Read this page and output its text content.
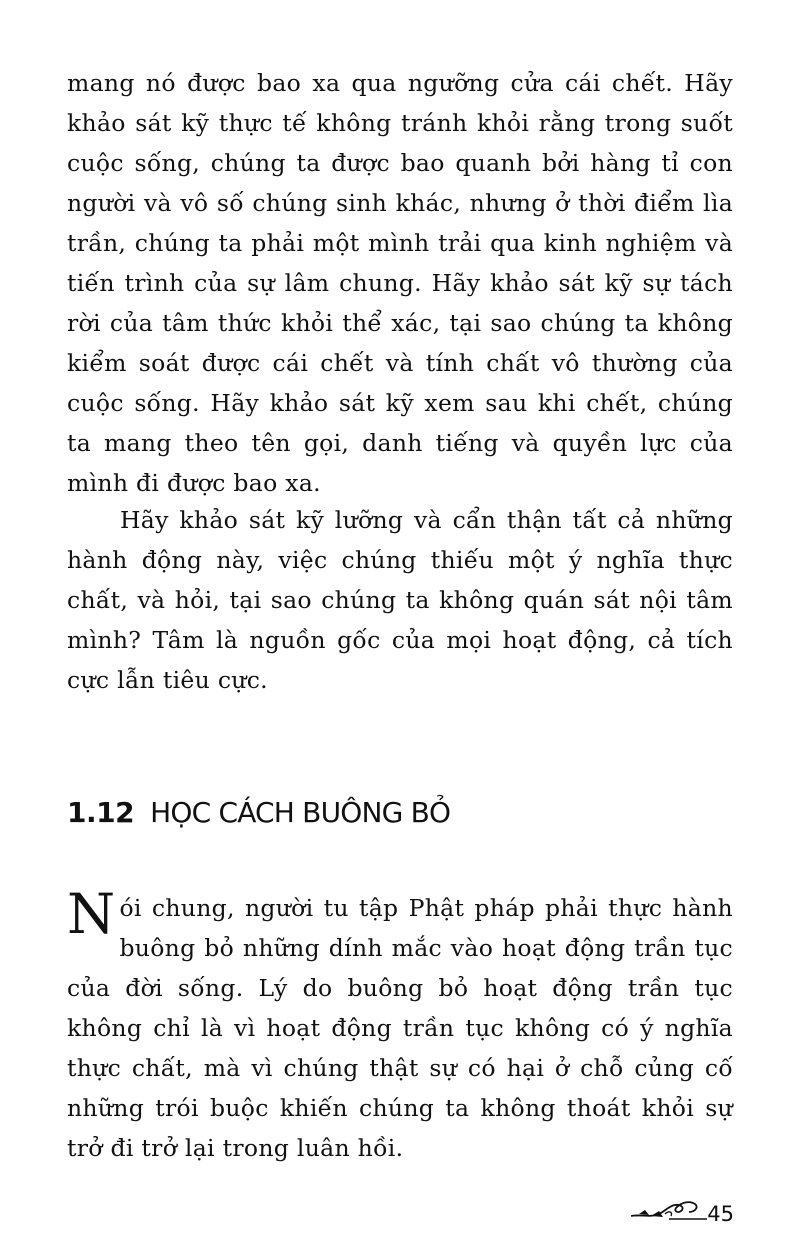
mang nó được bao xa qua ngưỡng cửa cái chết. Hãy khảo sát kỹ thực tế không tránh khỏi rằng trong suốt cuộc sống, chúng ta được bao quanh bởi hàng tỉ con người và vô số chúng sinh khác, nhưng ở thời điểm lìa trần, chúng ta phải một mình trải qua kinh nghiệm và tiến trình của sự lâm chung. Hãy khảo sát kỹ sự tách rời của tâm thức khỏi thể xác, tại sao chúng ta không kiểm soát được cái chết và tính chất vô thường của cuộc sống. Hãy khảo sát kỹ xem sau khi chết, chúng ta mang theo tên gọi, danh tiếng và quyền lực của mình đi được bao xa.

Hãy khảo sát kỹ lưỡng và cẩn thận tất cả những hành động này, việc chúng thiếu một ý nghĩa thực chất, và hỏi, tại sao chúng ta không quán sát nội tâm mình? Tâm là nguồn gốc của mọi hoạt động, cả tích cực lẫn tiêu cực.

1.12 HỌC CÁCH BUÔNG BỎ

Nói chung, người tu tập Phật pháp phải thực hành buông bỏ những dính mắc vào hoạt động trần tục của đời sống. Lý do buông bỏ hoạt động trần tục không chỉ là vì hoạt động trần tục không có ý nghĩa thực chất, mà vì chúng thật sự có hại ở chỗ củng cố những trói buộc khiến chúng ta không thoát khỏi sự trở đi trở lại trong luân hồi.

45
